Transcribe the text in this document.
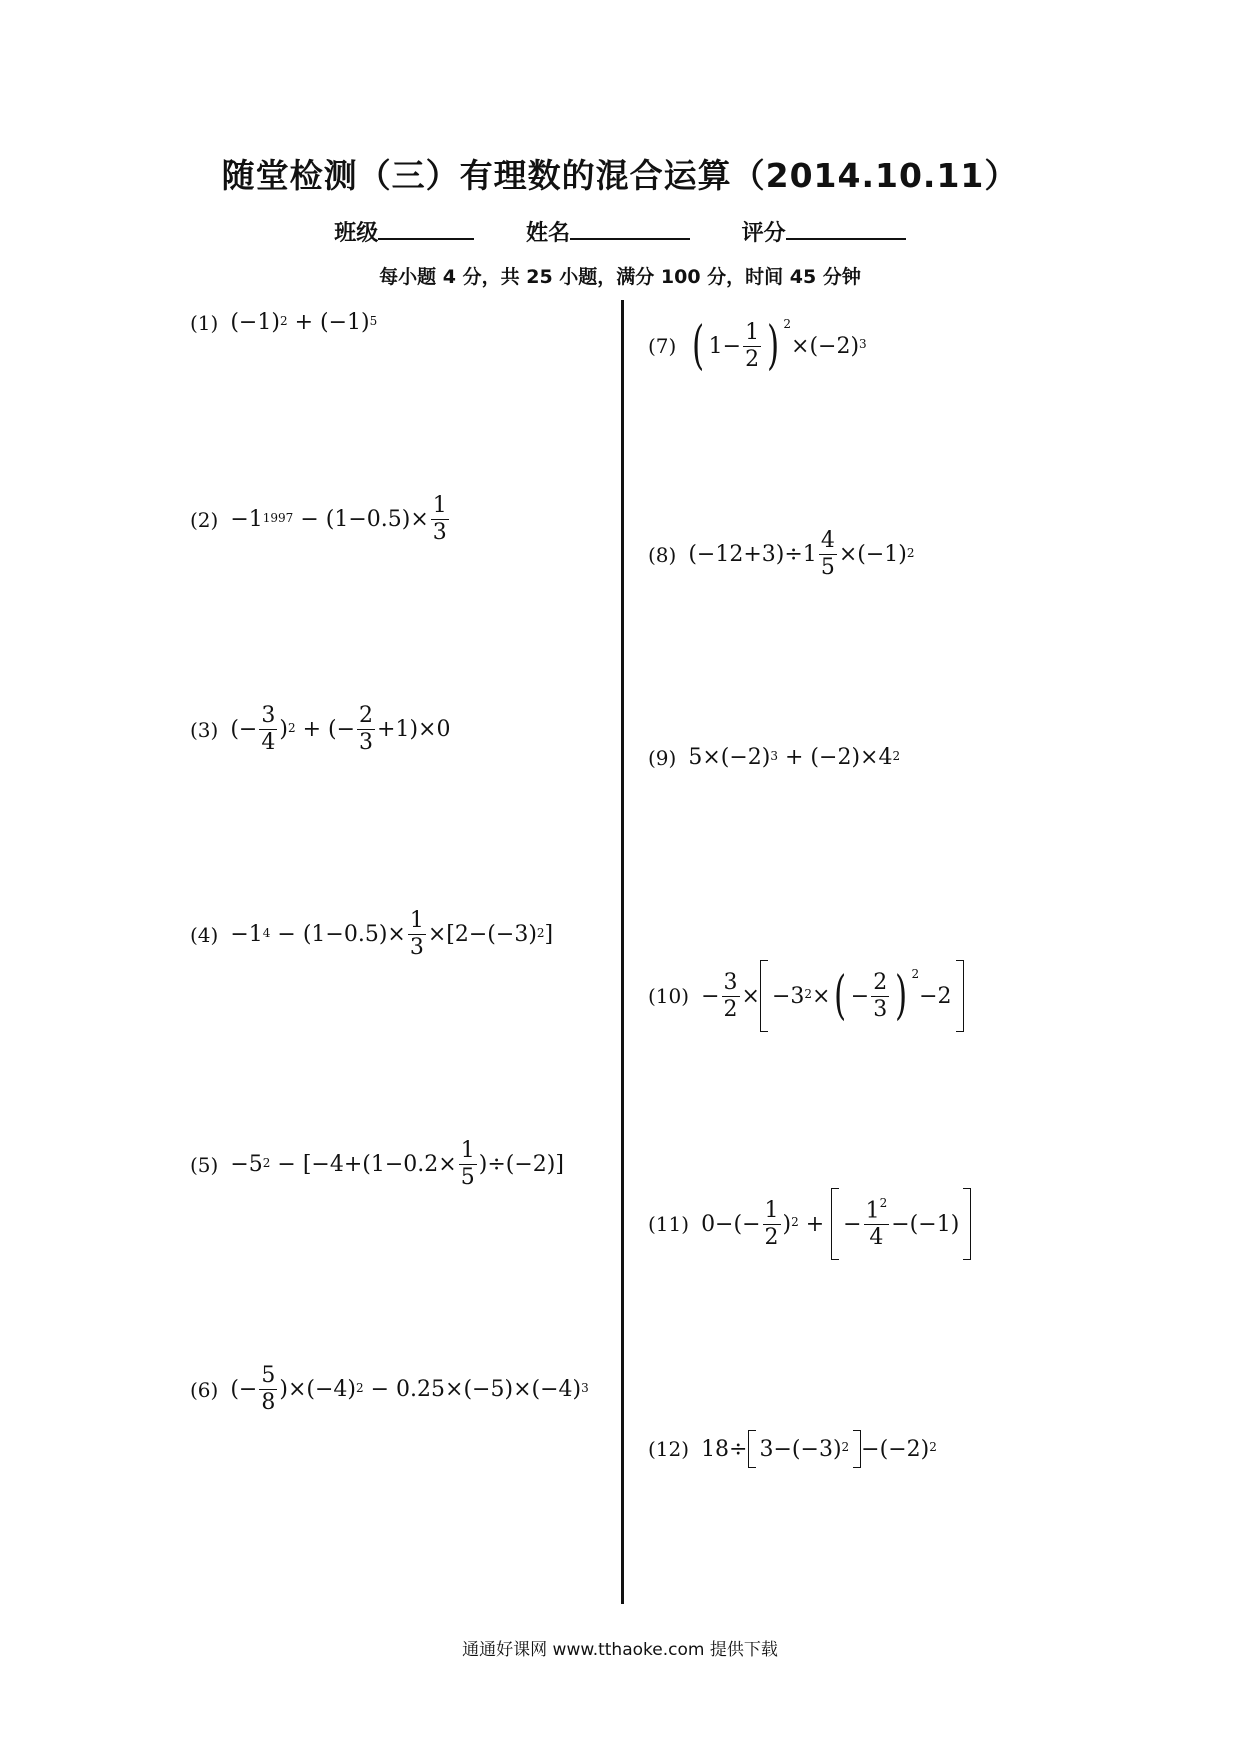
随堂检测（三）有理数的混合运算（2014.10.11）
班级	姓名	评分
每小题 4 分，共 25 小题，满分 100 分，时间 45 分钟
(1) $(-1)^2 + (-1)^5$
$(2) -1^{1997} - (1-0.5)\times \frac{1}{3}$
(3) (− $\frac{3}{4} )^2$ + (− $\frac{2}{3} +1)\times 0$
$(4) -1^4 - (1-0.5)\times \frac{1}{3} \times[2-(-3)^2$ ]
$(5) -5^2 - [-4+(1-0.2\times \frac{1}{5} )\div(-2)]$
(6) (− $\frac{5}{8} )\times(-4)^2 - 0.25\times(-5)\times(-4)^3$
(7) ( $1- \frac{1}{2}$ ) $^2$
$\times(-2)^3$
(8) $(-12+3)\div 1 \frac{4}{5} \times(-1)^2$
(9) $5\times(-2)^3 + (-2)\times 4^2$
$(10) - \frac{3}{2} \times -3^2$ × ( − $\frac{2}{3}$ ) $^2$
−2
(11) $0-(- \frac{1}{2} )^2$ +
− $\frac{1^2}{4} -(-1)$
(12) $18\div 3-(-3)^2 -(-2)^2$
通通好课网 www.tthaoke.com 提供下载
